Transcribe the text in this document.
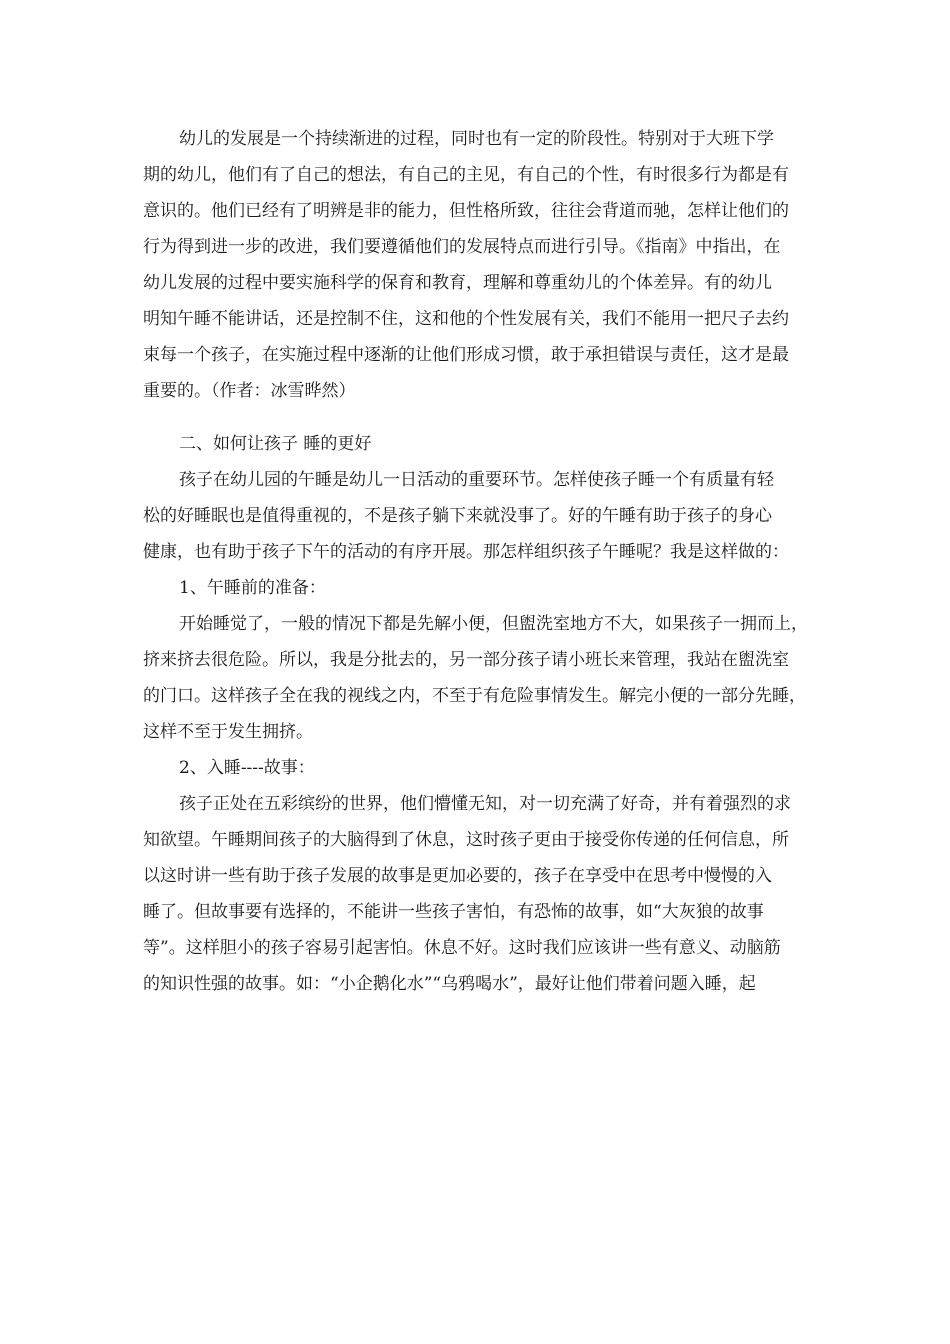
幼儿的发展是一个持续渐进的过程，同时也有一定的阶段性。特别对于大班下学
期的幼儿，他们有了自己的想法，有自己的主见，有自己的个性，有时很多行为都是有
意识的。他们已经有了明辨是非的能力，但性格所致，往往会背道而驰，怎样让他们的
行为得到进一步的改进，我们要遵循他们的发展特点而进行引导。《指南》中指出，在
幼儿发展的过程中要实施科学的保育和教育，理解和尊重幼儿的个体差异。有的幼儿
明知午睡不能讲话，还是控制不住，这和他的个性发展有关，我们不能用一把尺子去约
束每一个孩子，在实施过程中逐渐的让他们形成习惯，敢于承担错误与责任，这才是最
重要的。（作者：冰雪晔然）
二、如何让孩子 睡的更好
孩子在幼儿园的午睡是幼儿一日活动的重要环节。怎样使孩子睡一个有质量有轻
松的好睡眠也是值得重视的，不是孩子躺下来就没事了。好的午睡有助于孩子的身心
健康，也有助于孩子下午的活动的有序开展。那怎样组织孩子午睡呢？我是这样做的：
1、午睡前的准备：
开始睡觉了，一般的情况下都是先解小便，但盥洗室地方不大，如果孩子一拥而上，
挤来挤去很危险。所以，我是分批去的，另一部分孩子请小班长来管理，我站在盥洗室
的门口。这样孩子全在我的视线之内，不至于有危险事情发生。解完小便的一部分先睡，
这样不至于发生拥挤。
2、入睡----故事：
孩子正处在五彩缤纷的世界，他们懵懂无知，对一切充满了好奇，并有着强烈的求
知欲望。午睡期间孩子的大脑得到了休息，这时孩子更由于接受你传递的任何信息，所
以这时讲一些有助于孩子发展的故事是更加必要的，孩子在享受中在思考中慢慢的入
睡了。但故事要有选择的，不能讲一些孩子害怕，有恐怖的故事，如“大灰狼的故事
等”。这样胆小的孩子容易引起害怕。休息不好。这时我们应该讲一些有意义、动脑筋
的知识性强的故事。如：“小企鹅化水”“乌鸦喝水”，最好让他们带着问题入睡，起
